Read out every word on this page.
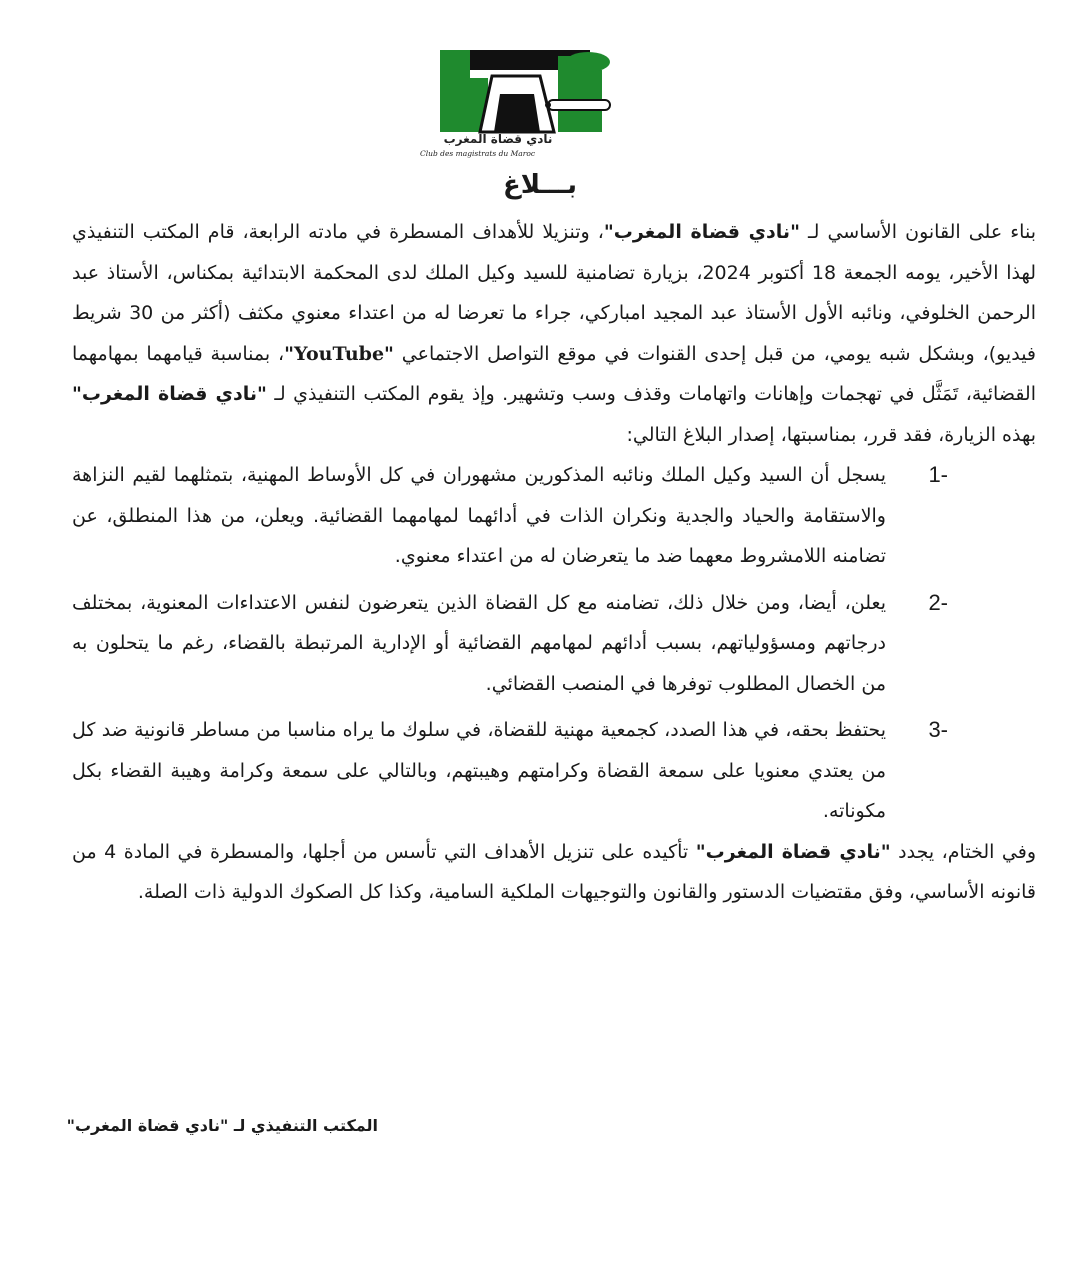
نادي قضاة المغرب
Club des magistrats du Maroc
بـــلاغ

بناء على القانون الأساسي لـ "نادي قضاة المغرب"، وتنزيلا للأهداف المسطرة في مادته الرابعة، قام المكتب التنفيذي لهذا الأخير، يومه الجمعة 18 أكتوبر 2024، بزيارة تضامنية للسيد وكيل الملك لدى المحكمة الابتدائية بمكناس، الأستاذ عبد الرحمن الخلوفي، ونائبه الأول الأستاذ عبد المجيد امباركي، جراء ما تعرضا له من اعتداء معنوي مكثف (أكثر من 30 شريط فيديو)، وبشكل شبه يومي، من قبل إحدى القنوات في موقع التواصل الاجتماعي "YouTube"، بمناسبة قيامهما بمهامهما القضائية، تَمَثَّل في تهجمات وإهانات واتهامات وقذف وسب وتشهير. وإذ يقوم المكتب التنفيذي لـ "نادي قضاة المغرب" بهذه الزيارة، فقد قرر، بمناسبتها، إصدار البلاغ التالي:

1-
يسجل أن السيد وكيل الملك ونائبه المذكورين مشهوران في كل الأوساط المهنية، بتمثلهما لقيم النزاهة والاستقامة والحياد والجدية ونكران الذات في أدائهما لمهامهما القضائية. ويعلن، من هذا المنطلق، عن تضامنه اللامشروط معهما ضد ما يتعرضان له من اعتداء معنوي.
2-
يعلن، أيضا، ومن خلال ذلك، تضامنه مع كل القضاة الذين يتعرضون لنفس الاعتداءات المعنوية، بمختلف درجاتهم ومسؤولياتهم، بسبب أدائهم لمهامهم القضائية أو الإدارية المرتبطة بالقضاء، رغم ما يتحلون به من الخصال المطلوب توفرها في المنصب القضائي.
3-
يحتفظ بحقه، في هذا الصدد، كجمعية مهنية للقضاة، في سلوك ما يراه مناسبا من مساطر قانونية ضد كل من يعتدي معنويا على سمعة القضاة وكرامتهم وهيبتهم، وبالتالي على سمعة وكرامة وهيبة القضاء بكل مكوناته.

وفي الختام، يجدد "نادي قضاة المغرب" تأكيده على تنزيل الأهداف التي تأسس من أجلها، والمسطرة في المادة 4 من قانونه الأساسي، وفق مقتضيات الدستور والقانون والتوجيهات الملكية السامية، وكذا كل الصكوك الدولية ذات الصلة.

المكتب التنفيذي لـ "نادي قضاة المغرب"
